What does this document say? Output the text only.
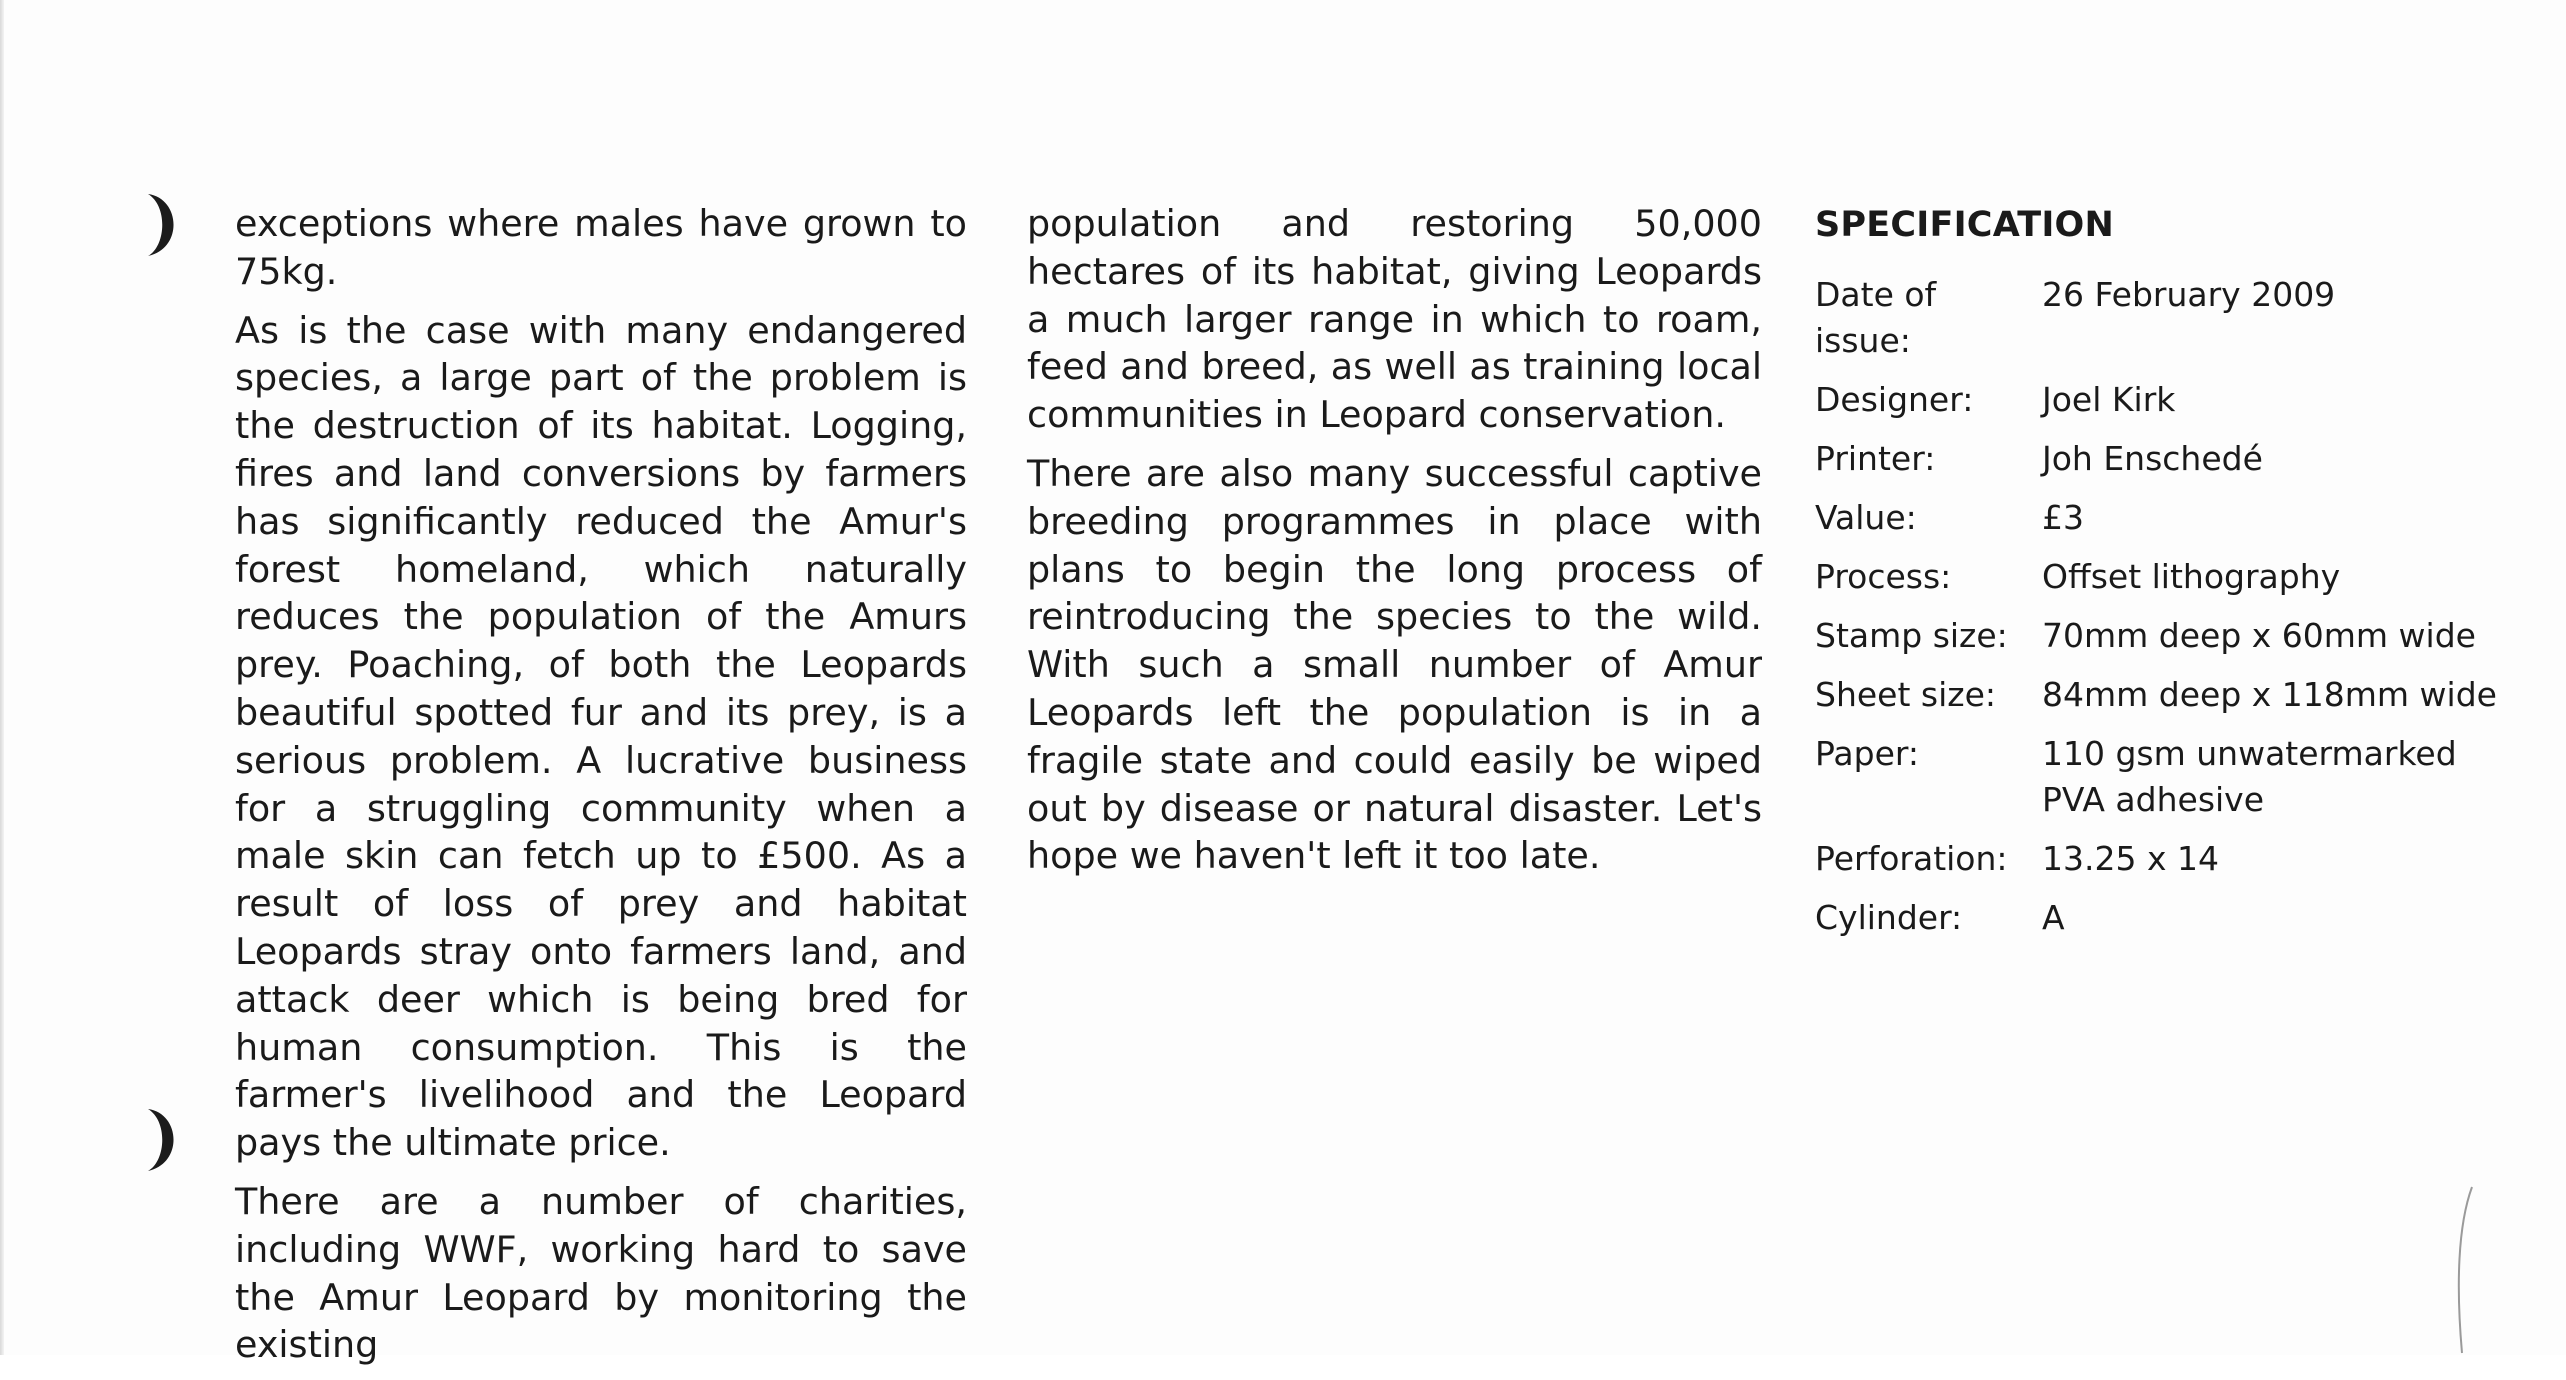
exceptions where males have grown to 75kg.

As is the case with many endangered species, a large part of the problem is the destruction of its habitat. Logging, fires and land conversions by farmers has significantly reduced the Amur's forest homeland, which naturally reduces the population of the Amurs prey. Poaching, of both the Leopards beautiful spotted fur and its prey, is a serious problem. A lucrative business for a struggling community when a male skin can fetch up to £500. As a result of loss of prey and habitat Leopards stray onto farmers land, and attack deer which is being bred for human consumption. This is the farmer's livelihood and the Leopard pays the ultimate price.

There are a number of charities, including WWF, working hard to save the Amur Leopard by monitoring the existing

population and restoring 50,000 hectares of its habitat, giving Leopards a much larger range in which to roam, feed and breed, as well as training local communities in Leopard conservation.

There are also many successful captive breeding programmes in place with plans to begin the long process of reintroducing the species to the wild. With such a small number of Amur Leopards left the population is in a fragile state and could easily be wiped out by disease or natural disaster. Let's hope we haven't left it too late.

SPECIFICATION
Date of issue:
26 February 2009
Designer:	Joel Kirk
Printer:	Joh Enschedé
Value:	£3
Process:	Offset lithography
Stamp size:	70mm deep x 60mm wide
Sheet size:	84mm deep x 118mm wide
Paper:	110 gsm unwatermarked
PVA adhesive
Perforation:	13.25 x 14
Cylinder:	A
